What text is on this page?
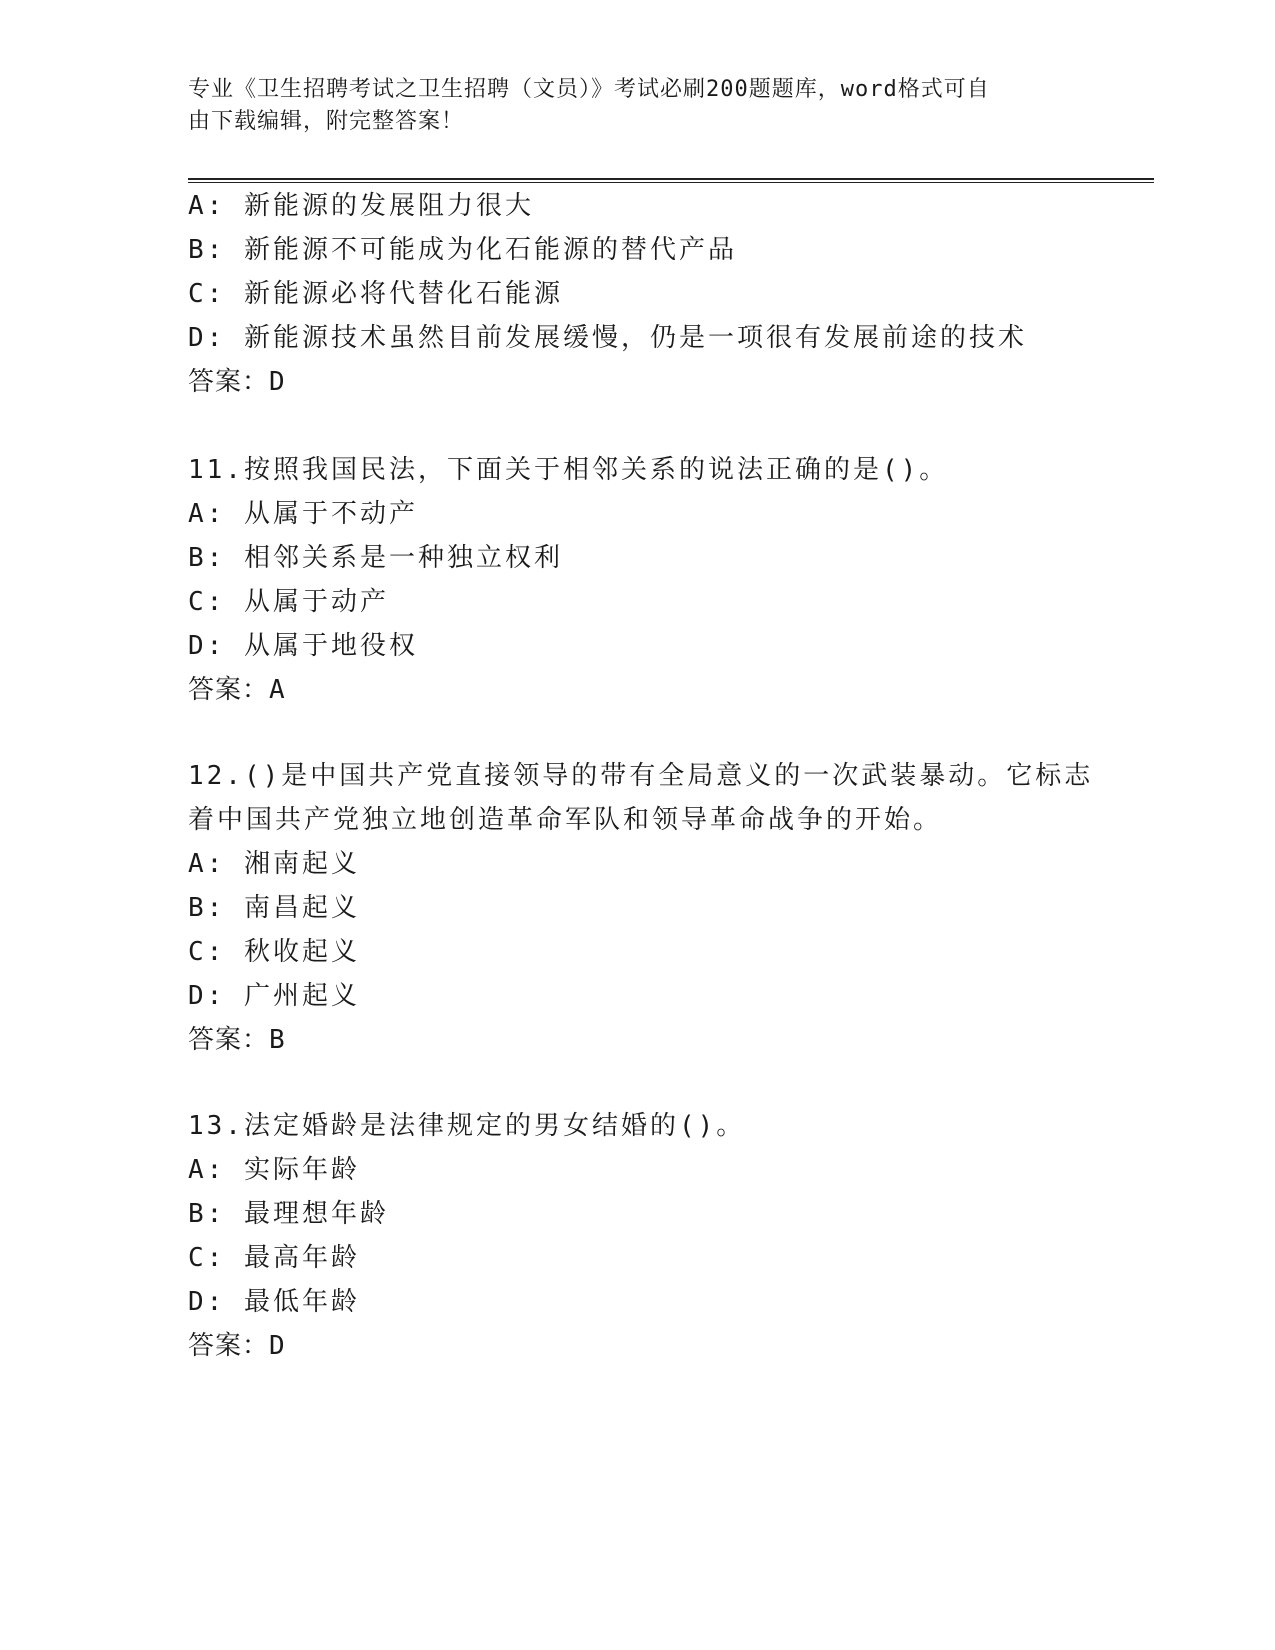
专业《卫生招聘考试之卫生招聘（文员）》考试必刷200题题库，word格式可自
由下载编辑，附完整答案！
A: 新能源的发展阻力很大
B: 新能源不可能成为化石能源的替代产品
C: 新能源必将代替化石能源
D: 新能源技术虽然目前发展缓慢，仍是一项很有发展前途的技术
答案：D
11.按照我国民法，下面关于相邻关系的说法正确的是()。
A: 从属于不动产
B: 相邻关系是一种独立权利
C: 从属于动产
D: 从属于地役权
答案：A
12.()是中国共产党直接领导的带有全局意义的一次武装暴动。它标志
着中国共产党独立地创造革命军队和领导革命战争的开始。
A: 湘南起义
B: 南昌起义
C: 秋收起义
D: 广州起义
答案：B
13.法定婚龄是法律规定的男女结婚的()。
A: 实际年龄
B: 最理想年龄
C: 最高年龄
D: 最低年龄
答案：D
